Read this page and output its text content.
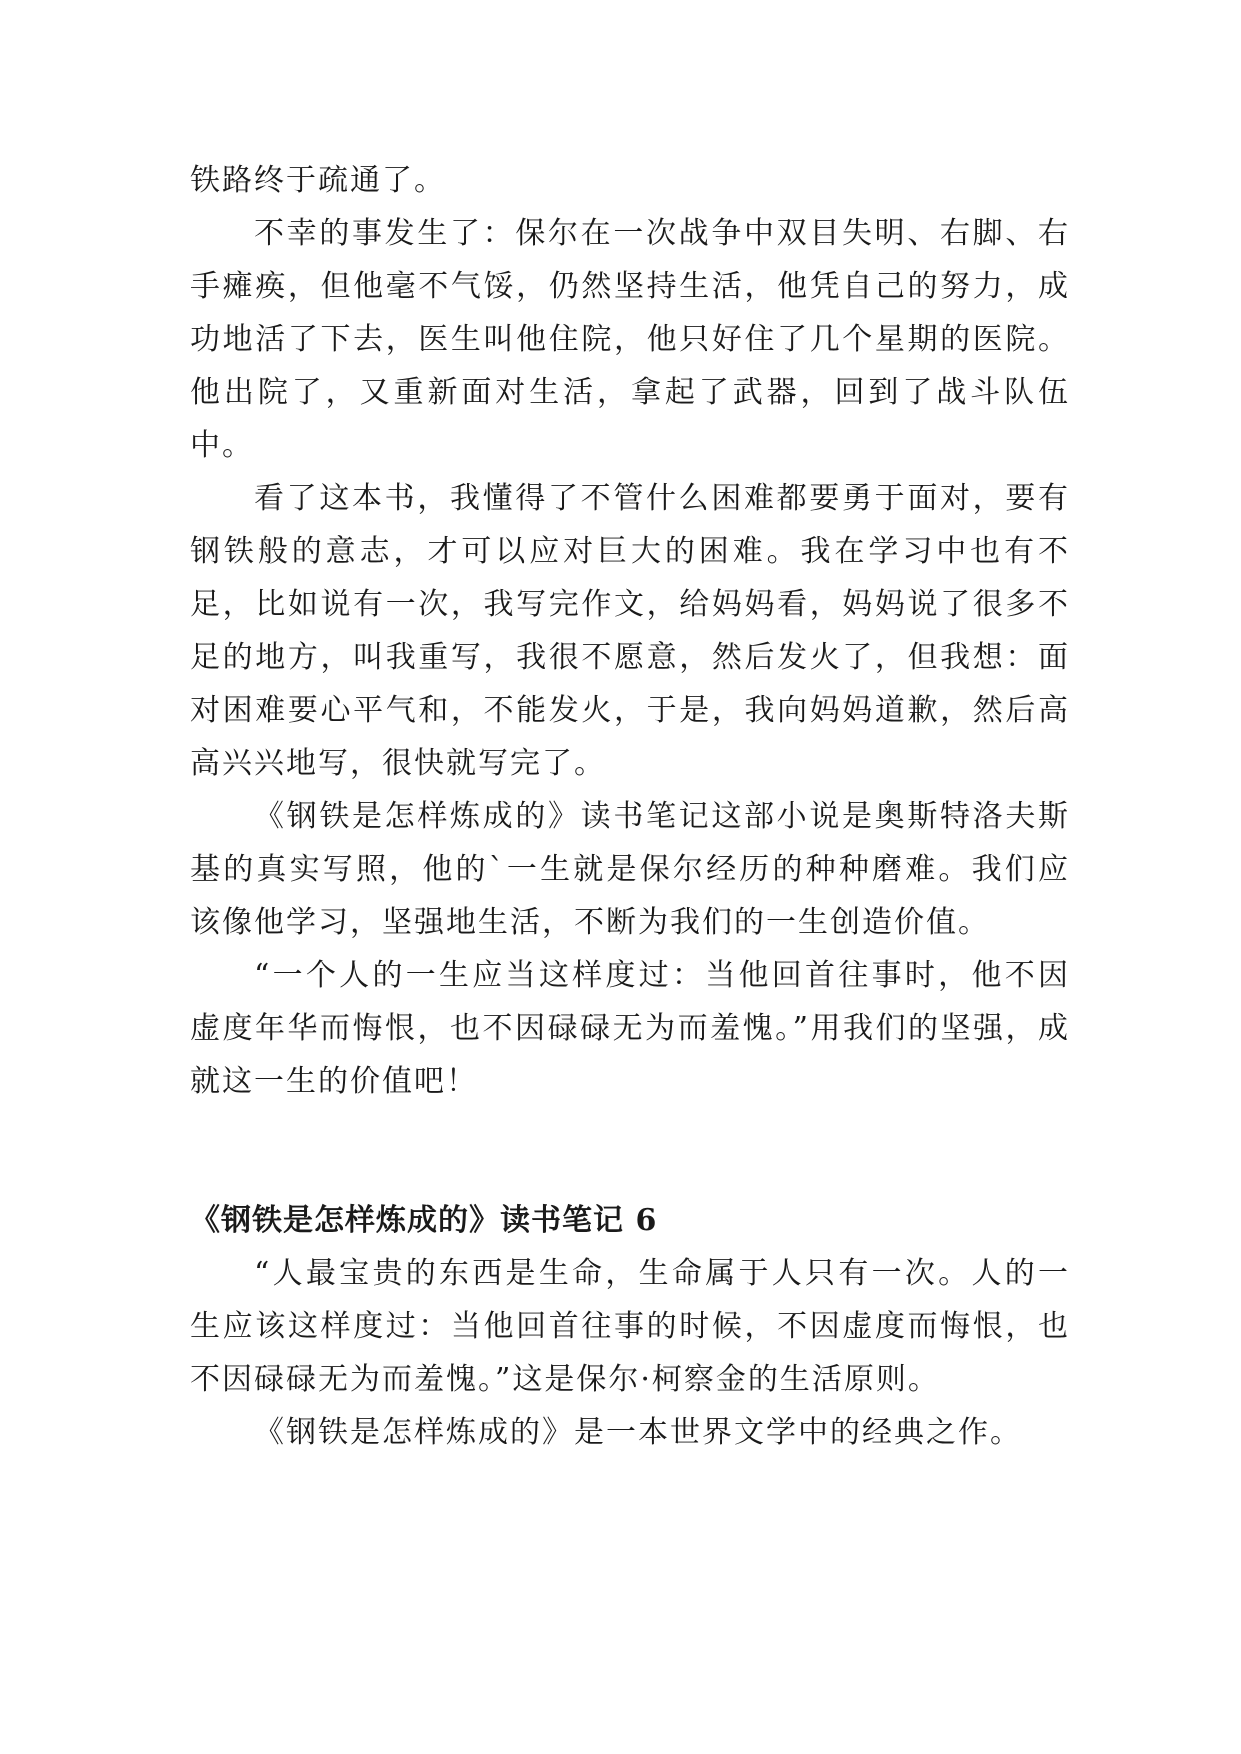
铁路终于疏通了。

不幸的事发生了：保尔在一次战争中双目失明、右脚、右手瘫痪，但他毫不气馁，仍然坚持生活，他凭自己的努力，成功地活了下去，医生叫他住院，他只好住了几个星期的医院。他出院了，又重新面对生活，拿起了武器，回到了战斗队伍中。

看了这本书，我懂得了不管什么困难都要勇于面对，要有钢铁般的意志，才可以应对巨大的困难。我在学习中也有不足，比如说有一次，我写完作文，给妈妈看，妈妈说了很多不足的地方，叫我重写，我很不愿意，然后发火了，但我想：面对困难要心平气和，不能发火，于是，我向妈妈道歉，然后高高兴兴地写，很快就写完了。

《钢铁是怎样炼成的》读书笔记这部小说是奥斯特洛夫斯基的真实写照，他的`一生就是保尔经历的种种磨难。我们应该像他学习，坚强地生活，不断为我们的一生创造价值。

“一个人的一生应当这样度过：当他回首往事时，他不因虚度年华而悔恨，也不因碌碌无为而羞愧。”用我们的坚强，成就这一生的价值吧！

《钢铁是怎样炼成的》读书笔记 6

“人最宝贵的东西是生命，生命属于人只有一次。人的一生应该这样度过：当他回首往事的时候，不因虚度而悔恨，也不因碌碌无为而羞愧。”这是保尔·柯察金的生活原则。

《钢铁是怎样炼成的》是一本世界文学中的经典之作。
